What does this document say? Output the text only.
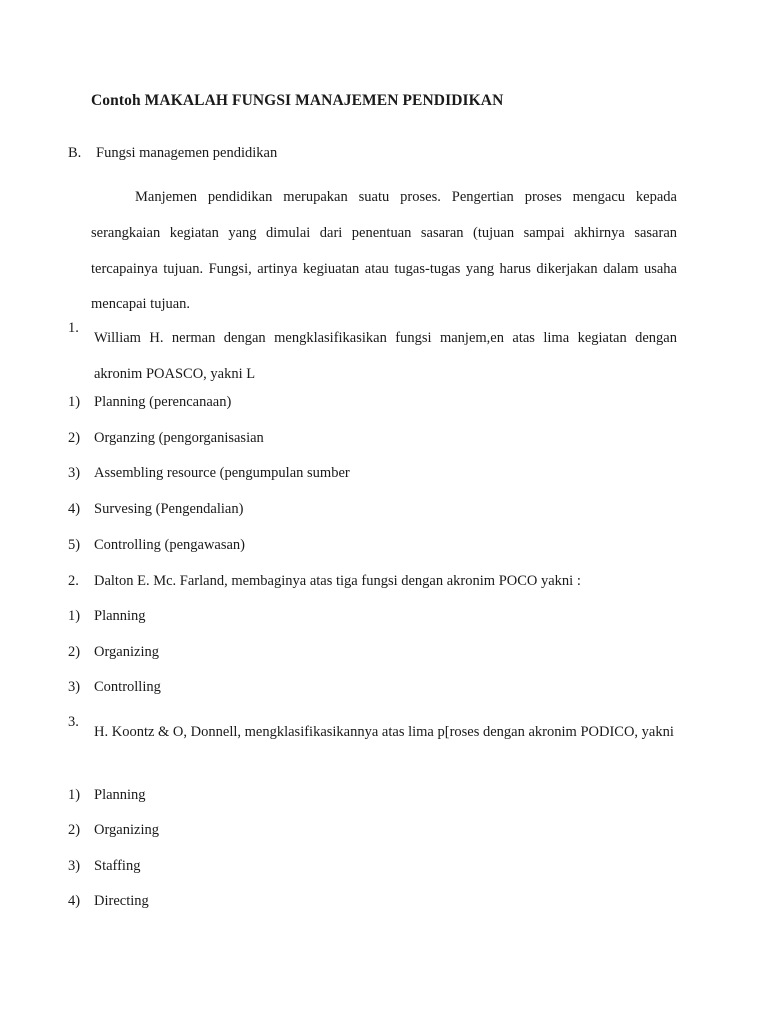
Contoh MAKALAH FUNGSI MANAJEMEN PENDIDIKAN
B. Fungsi managemen pendidikan

Manjemen pendidikan merupakan suatu proses. Pengertian proses mengacu kepada serangkaian kegiatan yang dimulai dari penentuan sasaran (tujuan sampai akhirnya sasaran tercapainya tujuan. Fungsi, artinya kegiuatan atau tugas-tugas yang harus dikerjakan dalam usaha mencapai tujuan.

1.
William H. nerman dengan mengklasifikasikan fungsi manjem,en atas lima kegiatan dengan akronim POASCO, yakni L
1) Planning (perencanaan)
2) Organzing (pengorganisasian
3) Assembling resource (pengumpulan sumber
4) Survesing (Pengendalian)
5) Controlling (pengawasan)
2. Dalton E. Mc. Farland, membaginya atas tiga fungsi dengan akronim POCO yakni :
1) Planning
2) Organizing
3) Controlling
3.
H. Koontz & O, Donnell, mengklasifikasikannya atas lima p[roses dengan akronim PODICO, yakni
1) Planning
2) Organizing
3) Staffing
4) Directing
